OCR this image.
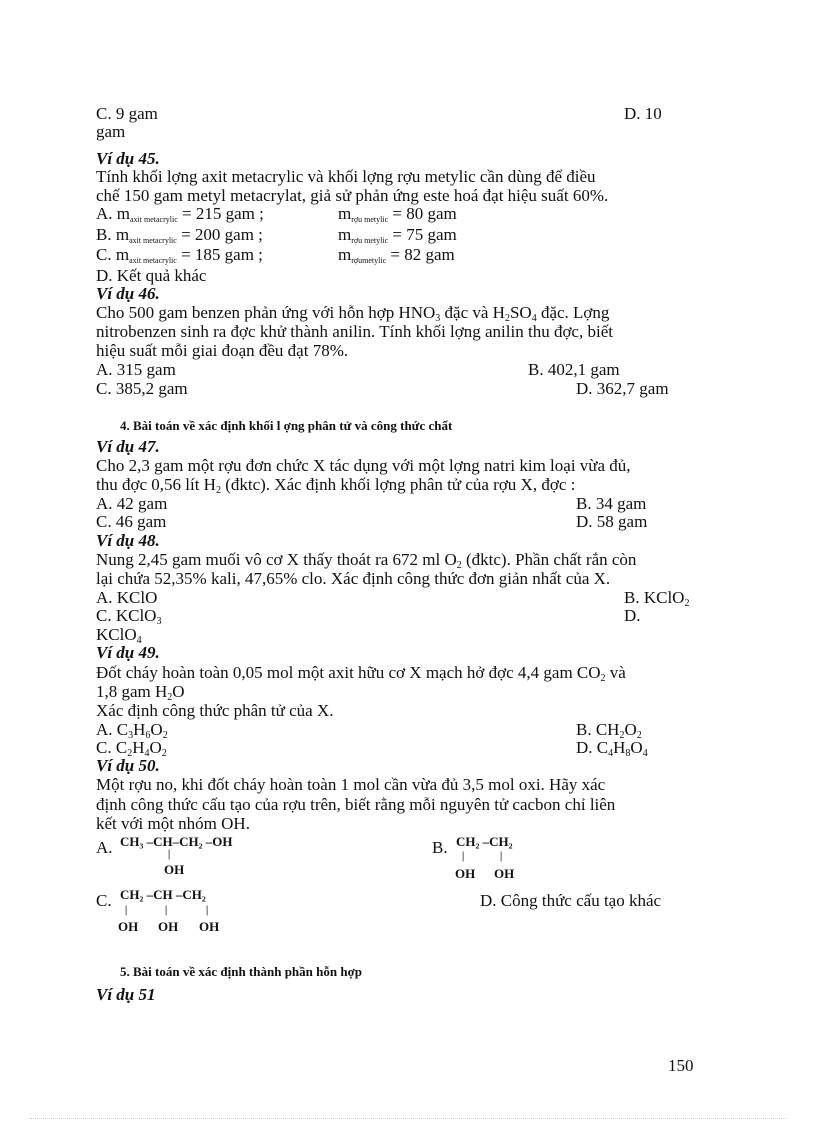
C. 9 gam	D. 10
gam
Ví dụ 45.
Tính khối lợng axit metacrylic và khối lợng rợu metylic cần dùng để điều
chế 150 gam metyl metacrylat, giả sử phản ứng este hoá đạt hiệu suất 60%.
A. $m_{axit metacrylic} = 215$ gam ;	$m_{rợu metylic} = 80$ gam
B. $m_{axit metacrylic} = 200$ gam ;	$m_{rợu metylic} = 75$ gam
C. $m_{axit metacrylic} = 185$ gam ;	$m_{rợumetylic} = 82$ gam
D. Kết quả khác
Ví dụ 46.
Cho 500 gam benzen phản ứng với hỗn hợp $HNO_3$ đặc và $H_2SO_4$ đặc. Lợng
nitrobenzen sinh ra đợc khử thành anilin. Tính khối lợng anilin thu đợc, biết
hiệu suất mỗi giai đoạn đều đạt 78%.
A. 315 gam	B. 402,1 gam
C. 385,2 gam	D. 362,7 gam
4. Bài toán về xác định khối l ợng phân tử và công thức chất
Ví dụ 47.
Cho 2,3 gam một rợu đơn chức X tác dụng với một lợng natri kim loại vừa đủ,
thu đợc 0,56 lít $H_2$ (đktc). Xác định khối lợng phân tử của rợu X, đợc :
A. 42 gam	B. 34 gam
C. 46 gam	D. 58 gam
Ví dụ 48.
Nung 2,45 gam muối vô cơ X thấy thoát ra 672 ml $O_2$ (đktc). Phần chất rắn còn
lại chứa 52,35% kali, 47,65% clo. Xác định công thức đơn giản nhất của X.
A. KClO	B. KClO$_2$
C. KClO$_3$	D.
KClO$_4$
Ví dụ 49.
Đốt cháy hoàn toàn 0,05 mol một axit hữu cơ X mạch hở đợc 4,4 gam $CO_2$ và
1,8 gam $H_2O$
Xác định công thức phân tử của X.
A. $C_3H_6O_2$	B. $CH_2O_2$
C. $C_2H_4O_2$	D. $C_4H_8O_4$
Ví dụ 50.
Một rợu no, khi đốt cháy hoàn toàn 1 mol cần vừa đủ 3,5 mol oxi. Hãy xác
định công thức cấu tạo của rợu trên, biết rằng mỗi nguyên tử cacbon chỉ liên
kết với một nhóm OH.
A. CH₃ –CH–CH₂ –OH
|
OH
B. CH₂ –CH₂
|	|
OH OH
C. CH₂ –CH –CH₂
|	|	|
OH OH OH
D. Công thức cấu tạo khác
5. Bài toán về xác định thành phần hỗn hợp
Ví dụ 51
150
